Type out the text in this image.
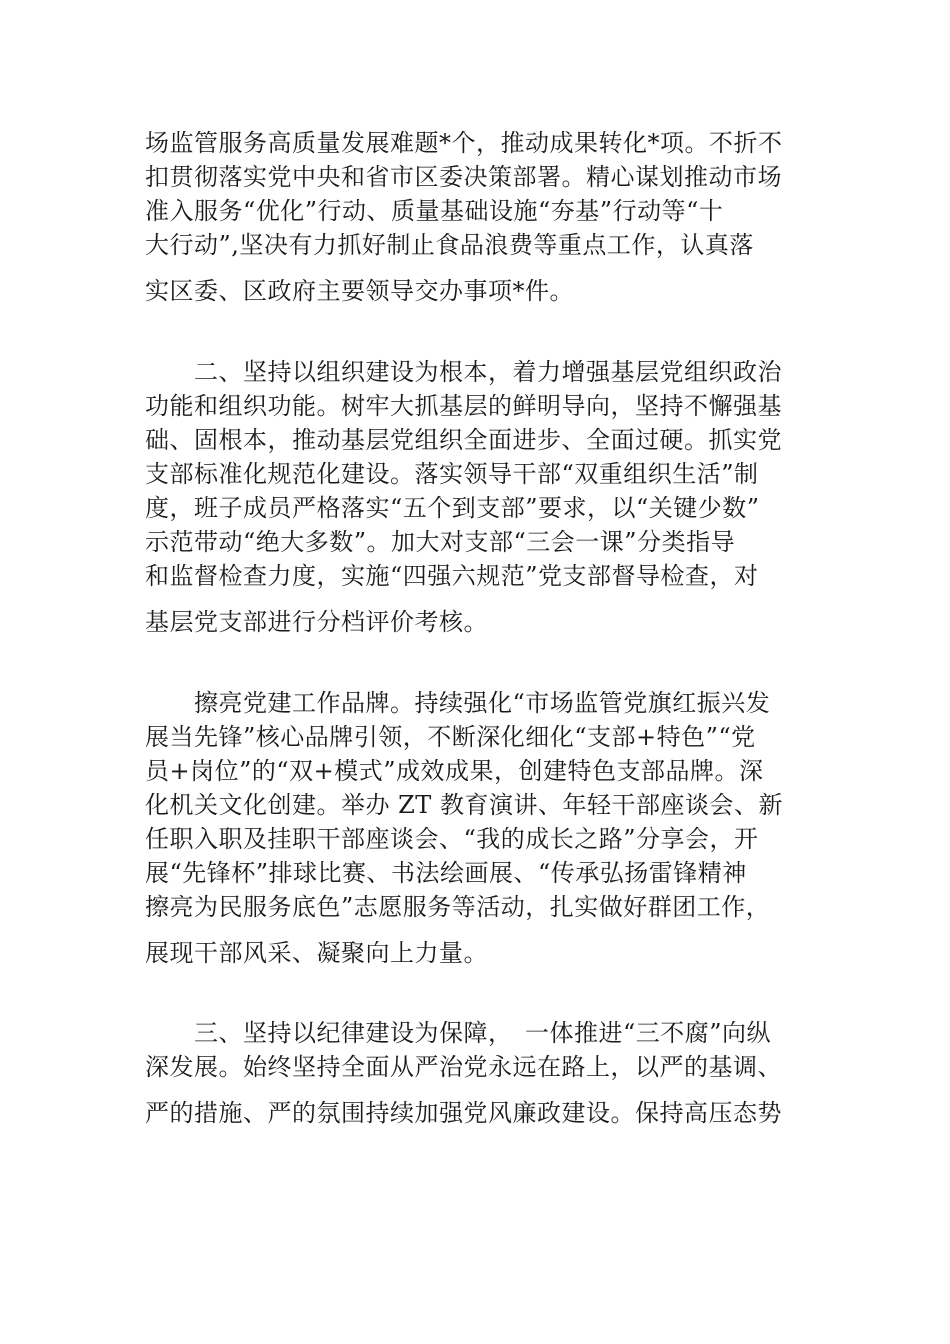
场监管服务高质量发展难题*个，推动成果转化*项。不折不
扣贯彻落实党中央和省市区委决策部署。精心谋划推动市场
准入服务“优化”行动、质量基础设施“夯基”行动等“十
大行动”,坚决有力抓好制止食品浪费等重点工作，认真落
实区委、区政府主要领导交办事项*件。
　　二、坚持以组织建设为根本，着力增强基层党组织政治
功能和组织功能。树牢大抓基层的鲜明导向，坚持不懈强基
础、固根本，推动基层党组织全面进步、全面过硬。抓实党
支部标准化规范化建设。落实领导干部“双重组织生活”制
度，班子成员严格落实“五个到支部”要求，以“关键少数”
示范带动“绝大多数”。加大对支部“三会一课”分类指导
和监督检查力度，实施“四强六规范”党支部督导检查，对
基层党支部进行分档评价考核。
　　擦亮党建工作品牌。持续强化“市场监管党旗红振兴发
展当先锋”核心品牌引领，不断深化细化“支部+特色”“党
员+岗位”的“双+模式”成效成果，创建特色支部品牌。深
化机关文化创建。举办 ZT 教育演讲、年轻干部座谈会、新
任职入职及挂职干部座谈会、“我的成长之路”分享会，开
展“先锋杯”排球比赛、书法绘画展、“传承弘扬雷锋精神
擦亮为民服务底色”志愿服务等活动，扎实做好群团工作，
展现干部风采、凝聚向上力量。
　　三、坚持以纪律建设为保障，　一体推进“三不腐”向纵
深发展。始终坚持全面从严治党永远在路上，以严的基调、
严的措施、严的氛围持续加强党风廉政建设。保持高压态势
